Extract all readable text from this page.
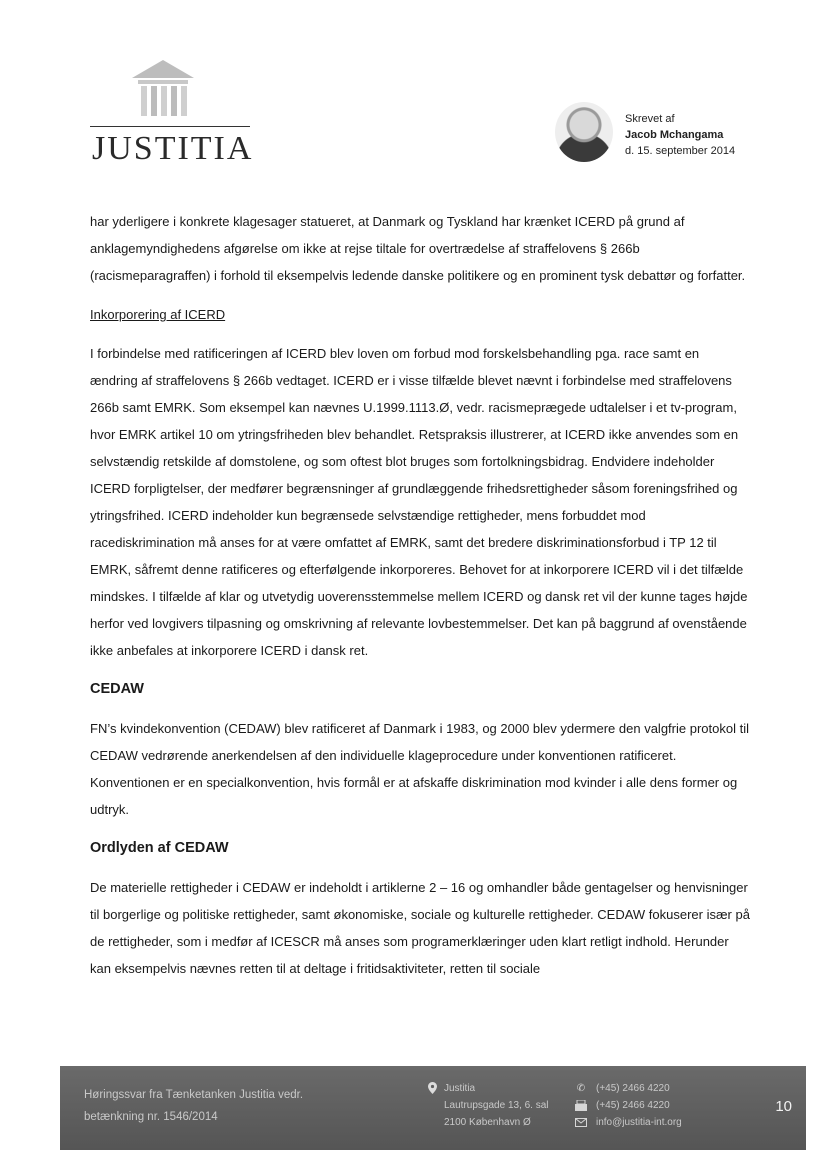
JUSTITIA
Skrevet af
Jacob Mchangama
d. 15. september 2014

har yderligere i konkrete klagesager statueret, at Danmark og Tyskland har krænket ICERD på grund af anklagemyndighedens afgørelse om ikke at rejse tiltale for overtrædelse af straffelovens § 266b (racismeparagraffen) i forhold til eksempelvis ledende danske politikere og en prominent tysk debattør og forfatter.

Inkorporering af ICERD

I forbindelse med ratificeringen af ICERD blev loven om forbud mod forskelsbehandling pga. race samt en ændring af straffelovens § 266b vedtaget. ICERD er i visse tilfælde blevet nævnt i forbindelse med straffelovens 266b samt EMRK. Som eksempel kan nævnes U.1999.1113.Ø, vedr. racismeprægede udtalelser i et tv-program, hvor EMRK artikel 10 om ytringsfriheden blev behandlet. Retspraksis illustrerer, at ICERD ikke anvendes som en selvstændig retskilde af domstolene, og som oftest blot bruges som fortolkningsbidrag. Endvidere indeholder ICERD forpligtelser, der medfører begrænsninger af grundlæggende frihedsrettigheder såsom foreningsfrihed og ytringsfrihed. ICERD indeholder kun begrænsede selvstændige rettigheder, mens forbuddet mod racediskrimination må anses for at være omfattet af EMRK, samt det bredere diskriminationsforbud i TP 12 til EMRK, såfremt denne ratificeres og efterfølgende inkorporeres. Behovet for at inkorporere ICERD vil i det tilfælde mindskes. I tilfælde af klar og utvetydig uoverensstemmelse mellem ICERD og dansk ret vil der kunne tages højde herfor ved lovgivers tilpasning og omskrivning af relevante lovbestemmelser. Det kan på baggrund af ovenstående ikke anbefales at inkorporere ICERD i dansk ret.

CEDAW

FN’s kvindekonvention (CEDAW) blev ratificeret af Danmark i 1983, og 2000 blev ydermere den valgfrie protokol til CEDAW vedrørende anerkendelsen af den individuelle klageprocedure under konventionen ratificeret. Konventionen er en specialkonvention, hvis formål er at afskaffe diskrimination mod kvinder i alle dens former og udtryk.

Ordlyden af CEDAW

De materielle rettigheder i CEDAW er indeholdt i artiklerne 2 – 16 og omhandler både gentagelser og henvisninger til borgerlige og politiske rettigheder, samt økonomiske, sociale og kulturelle rettigheder. CEDAW fokuserer især på de rettigheder, som i medfør af ICESCR må anses som programerklæringer uden klart retligt indhold. Herunder kan eksempelvis nævnes retten til at deltage i fritidsaktiviteter, retten til sociale

Høringssvar fra Tænketanken Justitia vedr.
betænkning nr. 1546/2014
Justitia
Lautrupsgade 13, 6. sal
2100 København Ø
✆ (+45) 2466 4220
(+45) 2466 4220
info@justitia-int.org
10
